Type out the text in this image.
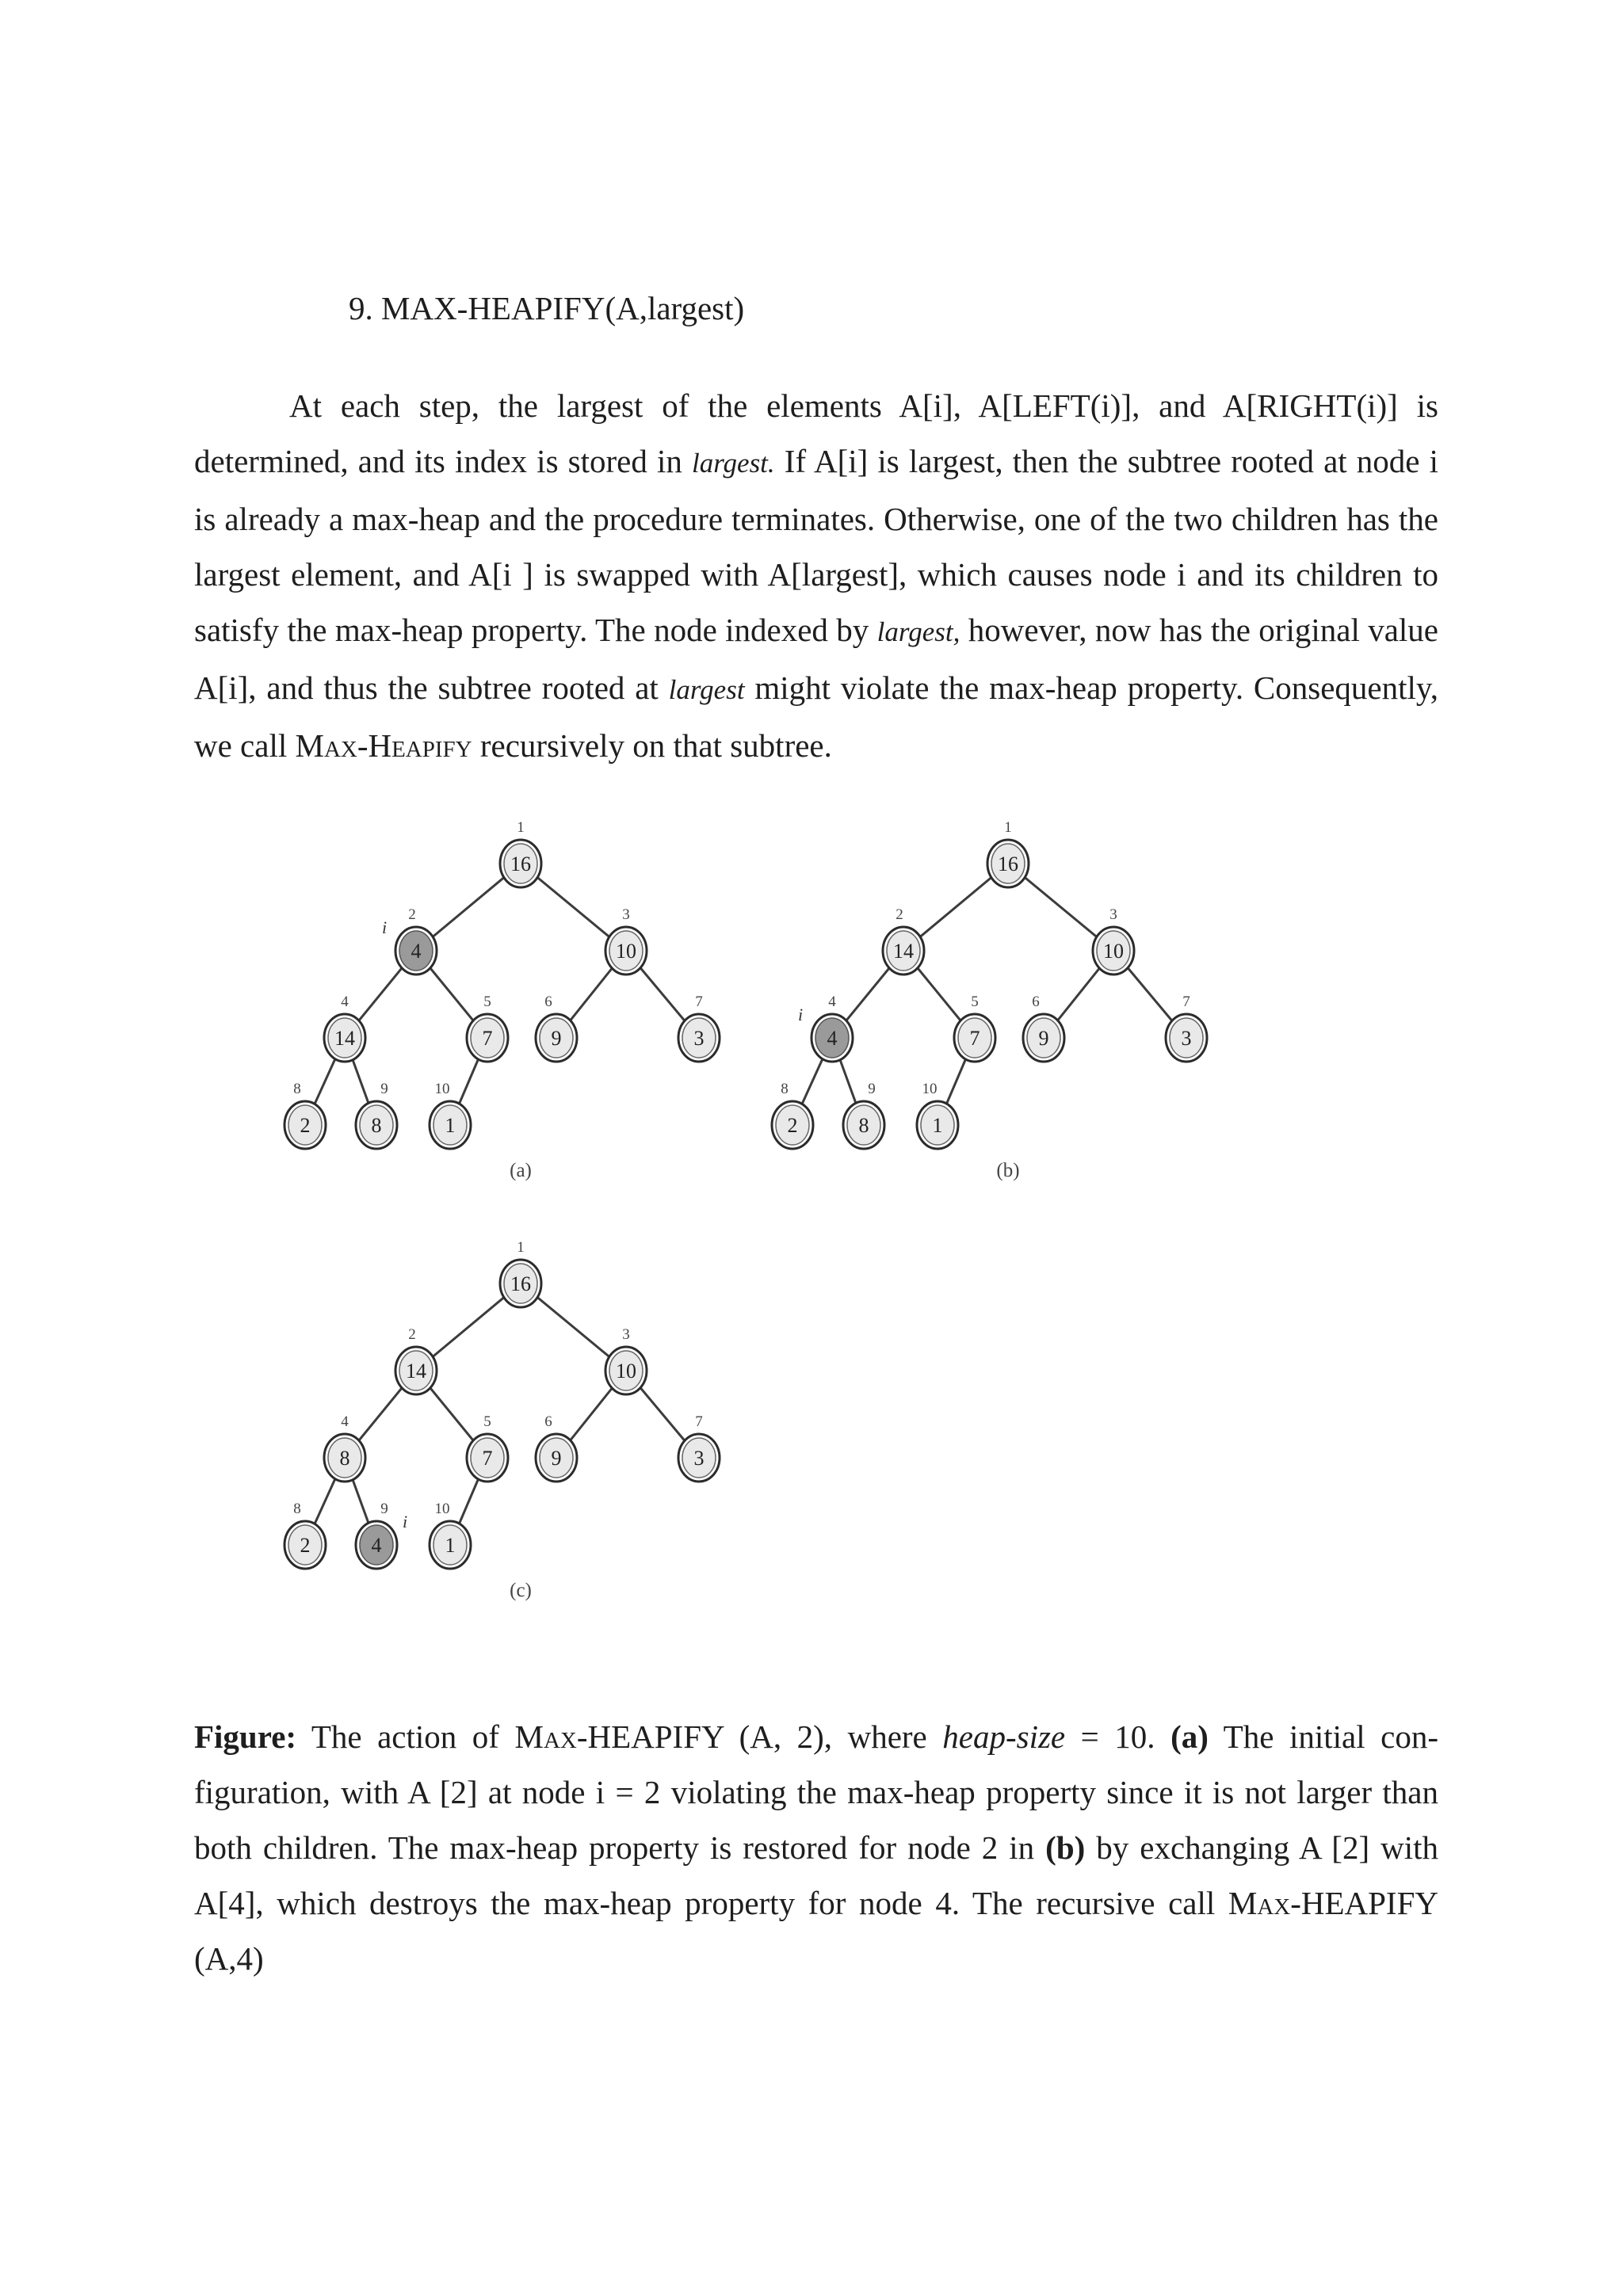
9. MAX-HEAPIFY(A,largest)

At each step, the largest of the elements A[i], A[LEFT(i)], and A[RIGHT(i)] is determined, and its index is stored in largest. If A[i] is largest, then the subtree rooted at node i is already a max-heap and the procedure terminates. Otherwise, one of the two children has the largest element, and A[i ] is swapped with A[largest], which causes node i and its children to satisfy the max-heap property. The node indexed by largest, however, now has the original value A[i], and thus the subtree rooted at largest might violate the max-heap property. Consequently, we call Max-Heapify recursively on that subtree.

16
1
4
2
i
10
3
14
4
7
5
9
6
3
7
2
8
8
9
1
10
(a)
16
1
14
2
10
3
4
4
i
7
5
9
6
3
7
2
8
8
9
1
10
(b)
16
1
14
2
10
3
8
4
7
5
9
6
3
7
2
8
4
9
i
1
10
(c)

Figure: The action of Max-HEAPIFY (A, 2), where heap-size = 10. (a) The initial con-figuration, with A [2] at node i = 2 violating the max-heap property since it is not larger than both children. The max-heap property is restored for node 2 in (b) by exchanging A [2] with A[4], which destroys the max-heap property for node 4. The recursive call Max-HEAPIFY (A,4)
